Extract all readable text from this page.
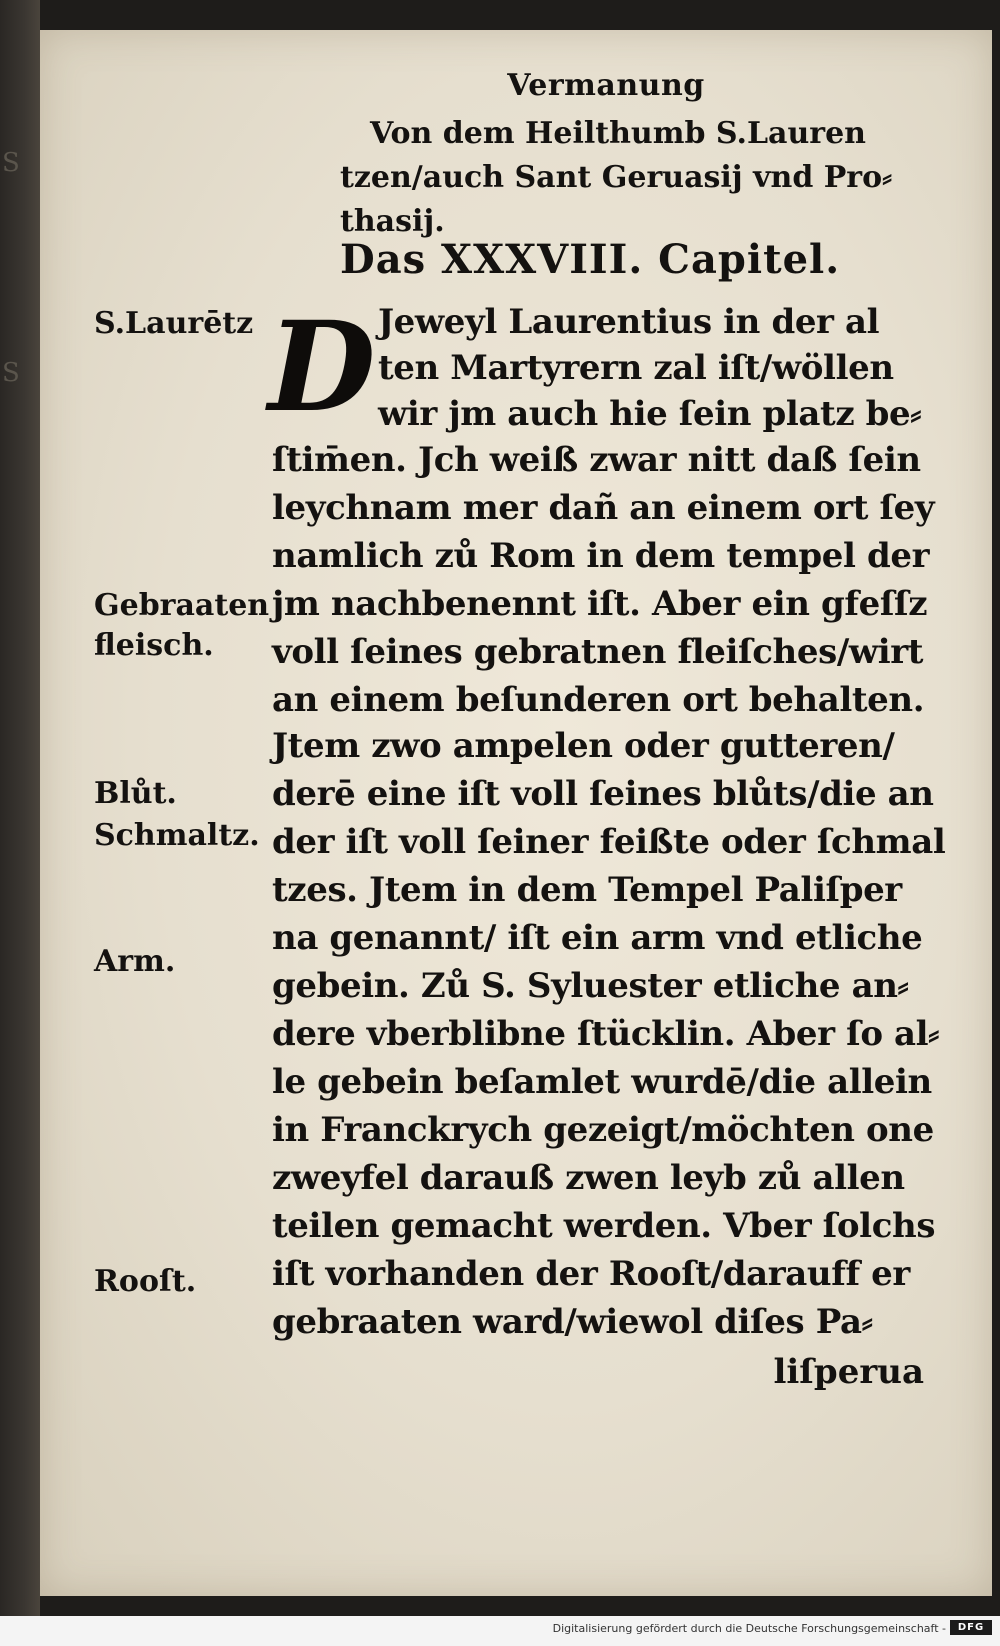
S
S
Vermanung
Von dem Heilthumb S.Lauren
tzen/auch Sant Geruasij vnd Pro⸗
thasij.
Das XXXVIII. Capitel.
S.Laurētz
Gebraaten
fleisch.
Blůt.
Schmaltz.
Arm.
Rooſt.
D Jeweyl Laurentius in der al
ten Martyrern zal iſt/wöllen
wir jm auch hie ſein platz be⸗
ſtim̄en. Jch weiß zwar nitt daß ſein
leychnam mer dañ an einem ort ſey
namlich zů Rom in dem tempel der
jm nachbenennt iſt. Aber ein gfeſſz
voll ſeines gebratnen fleiſches/wirt
an einem beſunderen ort behalten.
Jtem zwo ampelen oder gutteren/
derē eine iſt voll ſeines blůts/die an
der iſt voll ſeiner feißte oder ſchmal
tzes. Jtem in dem Tempel Paliſper
na genannt/ iſt ein arm vnd etliche
gebein. Zů S. Syluester etliche an⸗
dere vberblibne ſtücklin. Aber ſo al⸗
le gebein beſamlet wurdē/die allein
in Franckrych gezeigt/möchten one
zweyfel darauß zwen leyb zů allen
teilen gemacht werden. Vber ſolchs
iſt vorhanden der Rooſt/darauff er
gebraaten ward/wiewol diſes Pa⸗
liſperua
Digitalisierung gefördert durch die Deutsche Forschungsgemeinschaft -	DFG
